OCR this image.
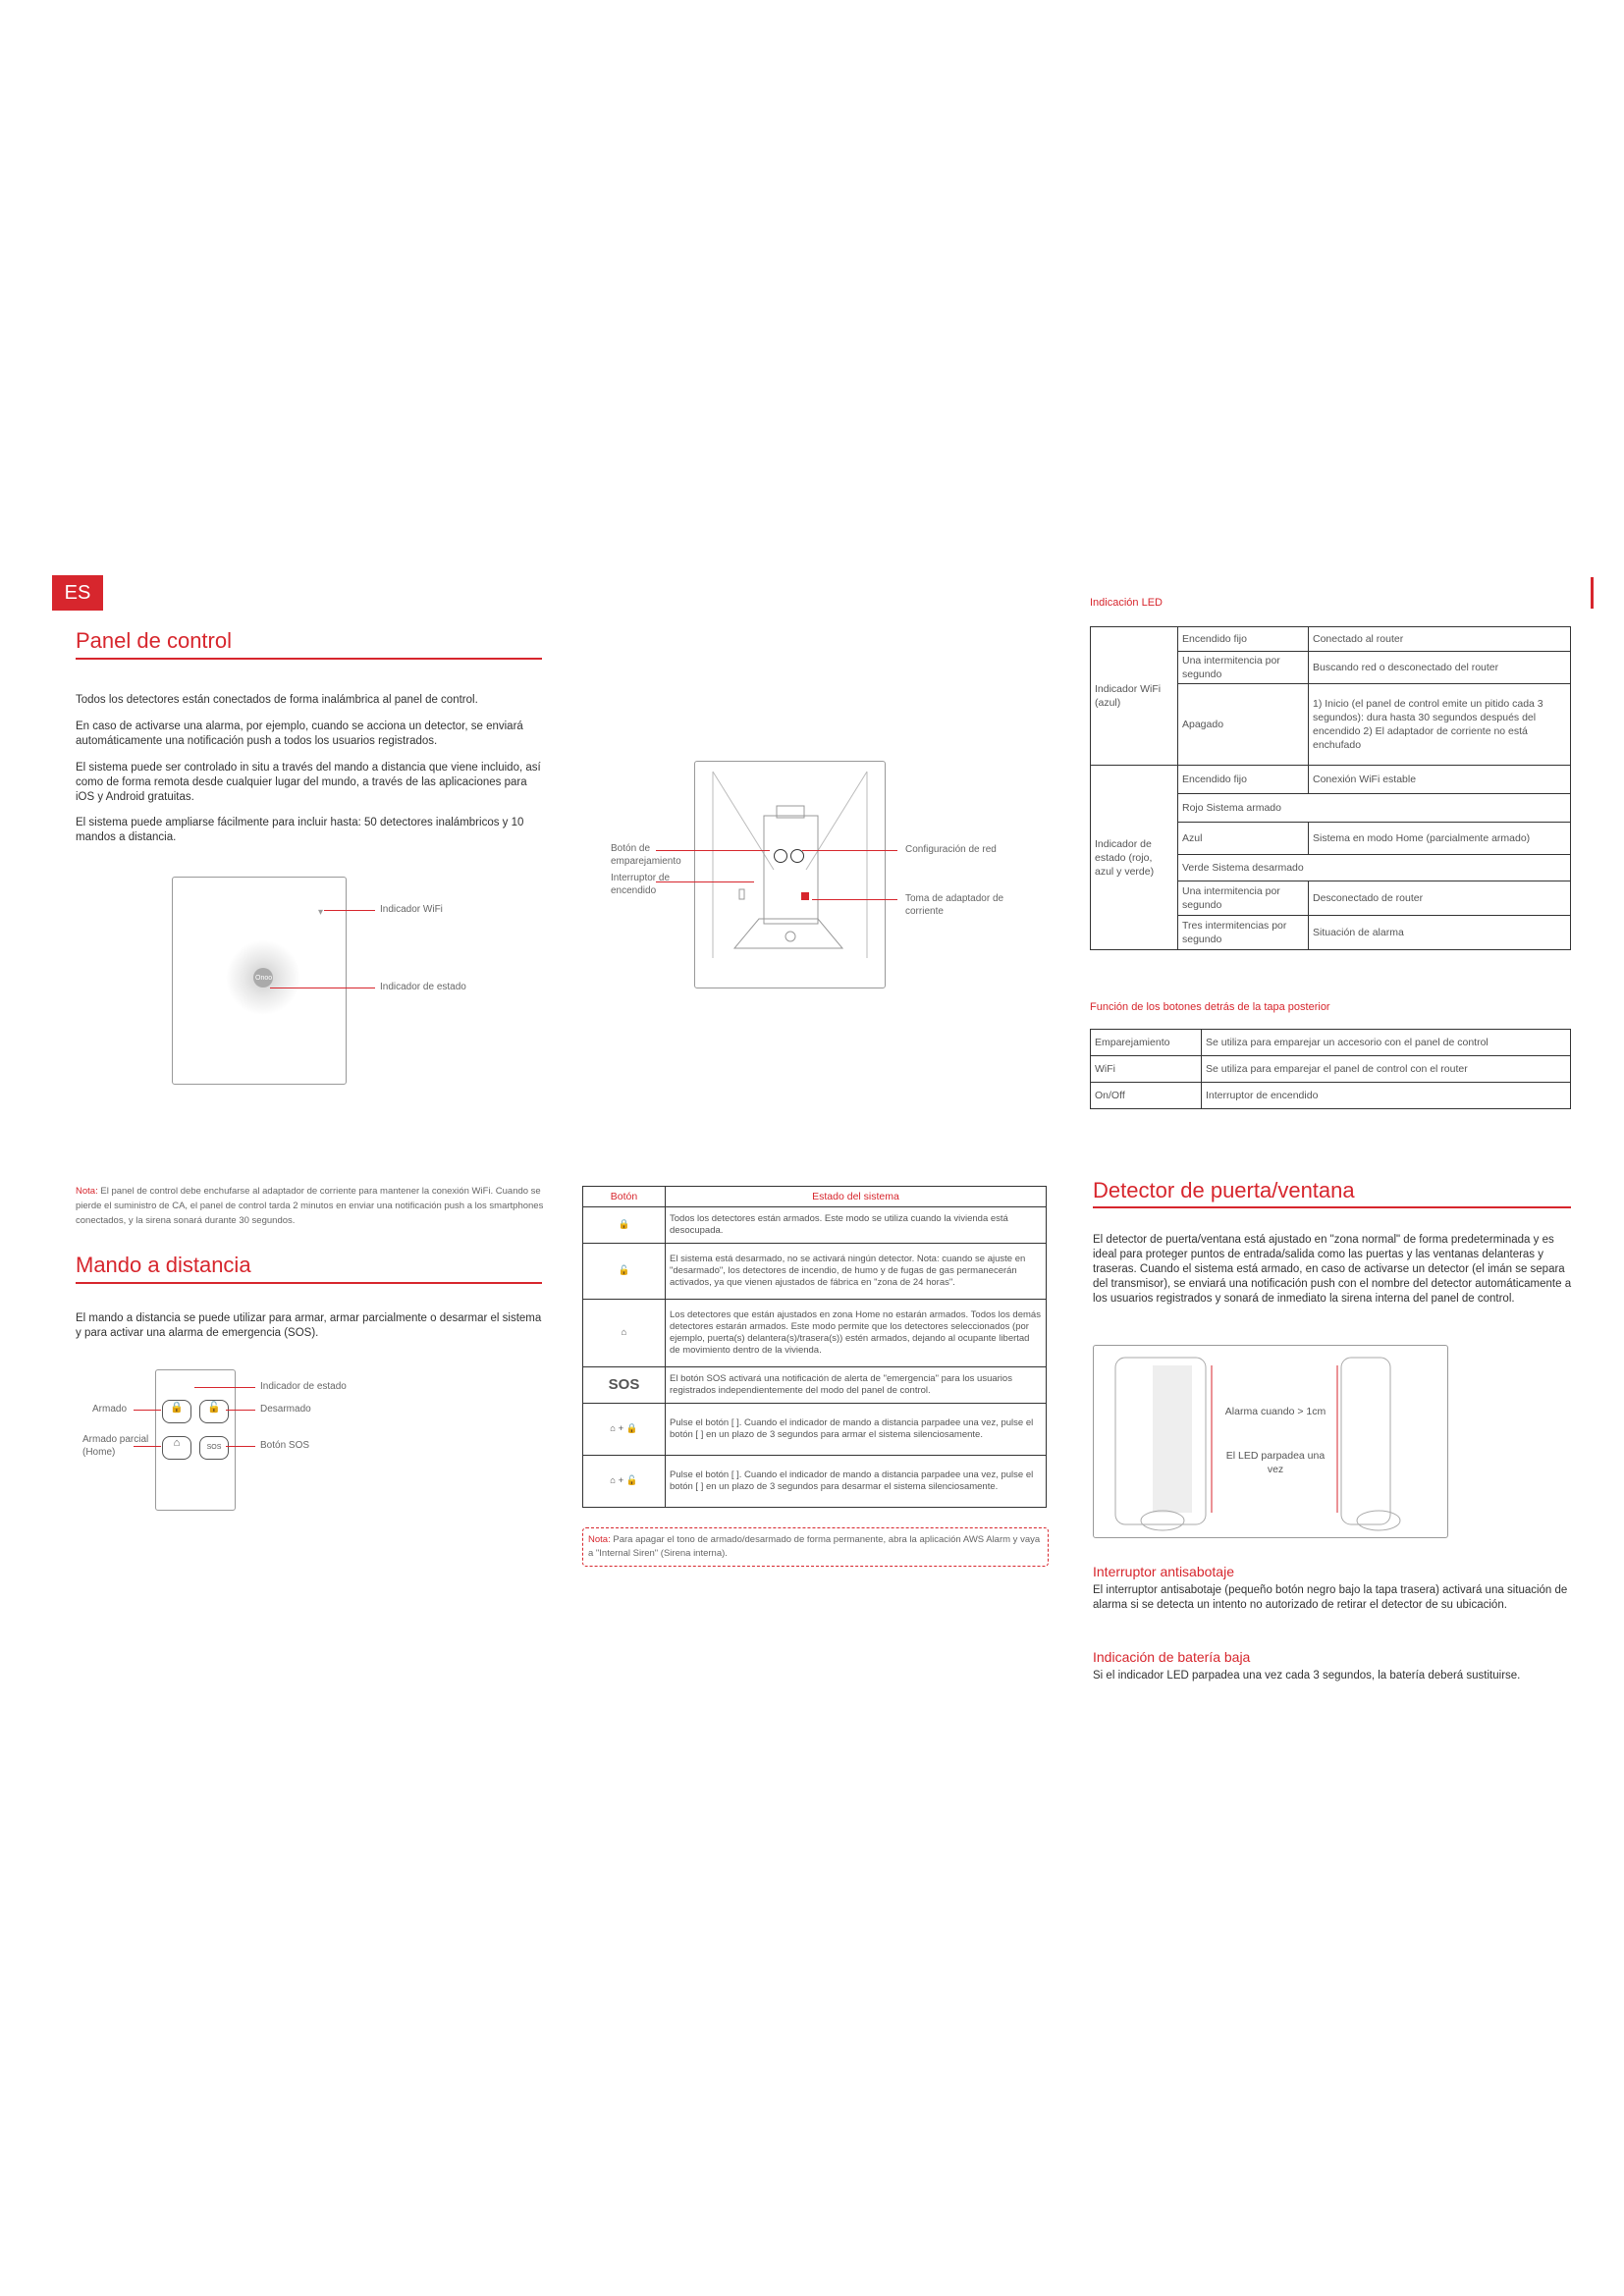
ES
Panel de control
Todos los detectores están conectados de forma inalámbrica al panel de control.
En caso de activarse una alarma, por ejemplo, cuando se acciona un detector, se enviará automáticamente una notificación push a todos los usuarios registrados.
El sistema puede ser controlado in situ a través del mando a distancia que viene incluido, así como de forma remota desde cualquier lugar del mundo, a través de las aplicaciones para iOS y Android gratuitas.
El sistema puede ampliarse fácilmente para incluir hasta: 50 detectores inalámbricos y 10 mandos a distancia.
▾
Onoo
Indicador WiFi
Indicador de estado
Botón de emparejamiento
Interruptor de encendido
Configuración de red
Toma de adaptador de corriente
Indicación LED
Indicador WiFi (azul)	Encendido fijo	Conectado al router
	Una intermitencia por segundo	Buscando red o desconectado del router
	Apagado	1) Inicio (el panel de control emite un pitido cada 3 segundos): dura hasta 30 segundos después del encendido 2) El adaptador de corriente no está enchufado
Indicador de estado (rojo, azul y verde)	Encendido fijo	Conexión WiFi estable
	Rojo Sistema armado	
	Azul	Sistema en modo Home (parcialmente armado)
	Verde Sistema desarmado	
	Una intermitencia por segundo	Desconectado de router
	Tres intermitencias por segundo	Situación de alarma
Función de los botones detrás de la tapa posterior
Emparejamiento	Se utiliza para emparejar un accesorio con el panel de control
WiFi	Se utiliza para emparejar el panel de control con el router
On/Off	Interruptor de encendido
Nota: El panel de control debe enchufarse al adaptador de corriente para mantener la conexión WiFi. Cuando se pierde el suministro de CA, el panel de control tarda 2 minutos en enviar una notificación push a los smartphones conectados, y la sirena sonará durante 30 segundos.
Mando a distancia
El mando a distancia se puede utilizar para armar, armar parcialmente o desarmar el sistema y para activar una alarma de emergencia (SOS).
🔒	🔓
⌂	SOS
Indicador de estado
Armado	Desarmado
Armado parcial (Home)
Botón SOS
Botón	Estado del sistema
🔒	Todos los detectores están armados. Este modo se utiliza cuando la vivienda está desocupada.
🔓	El sistema está desarmado, no se activará ningún detector. Nota: cuando se ajuste en "desarmado", los detectores de incendio, de humo y de fugas de gas permanecerán activados, ya que vienen ajustados de fábrica en "zona de 24 horas".
⌂	Los detectores que están ajustados en zona Home no estarán armados. Todos los demás detectores estarán armados. Este modo permite que los detectores seleccionados (por ejemplo, puerta(s) delantera(s)/trasera(s)) estén armados, dejando al ocupante libertad de movimiento dentro de la vivienda.
SOS	El botón SOS activará una notificación de alerta de "emergencia" para los usuarios registrados independientemente del modo del panel de control.
⌂ + 🔒	Pulse el botón [ ]. Cuando el indicador de mando a distancia parpadee una vez, pulse el botón [ ] en un plazo de 3 segundos para armar el sistema silenciosamente.
⌂ + 🔓	Pulse el botón [ ]. Cuando el indicador de mando a distancia parpadee una vez, pulse el botón [ ] en un plazo de 3 segundos para desarmar el sistema silenciosamente.
Nota: Para apagar el tono de armado/desarmado de forma permanente, abra la aplicación AWS Alarm y vaya a "Internal Siren" (Sirena interna).
Detector de puerta/ventana
El detector de puerta/ventana está ajustado en "zona normal" de forma predeterminada y es ideal para proteger puntos de entrada/salida como las puertas y las ventanas delanteras y traseras. Cuando el sistema está armado, en caso de activarse un detector (el imán se separa del transmisor), se enviará una notificación push con el nombre del detector automáticamente a los usuarios registrados y sonará de inmediato la sirena interna del panel de control.
Alarma cuando > 1cm
El LED parpadea una vez
Interruptor antisabotaje
El interruptor antisabotaje (pequeño botón negro bajo la tapa trasera) activará una situación de alarma si se detecta un intento no autorizado de retirar el detector de su ubicación.
Indicación de batería baja
Si el indicador LED parpadea una vez cada 3 segundos, la batería deberá sustituirse.
